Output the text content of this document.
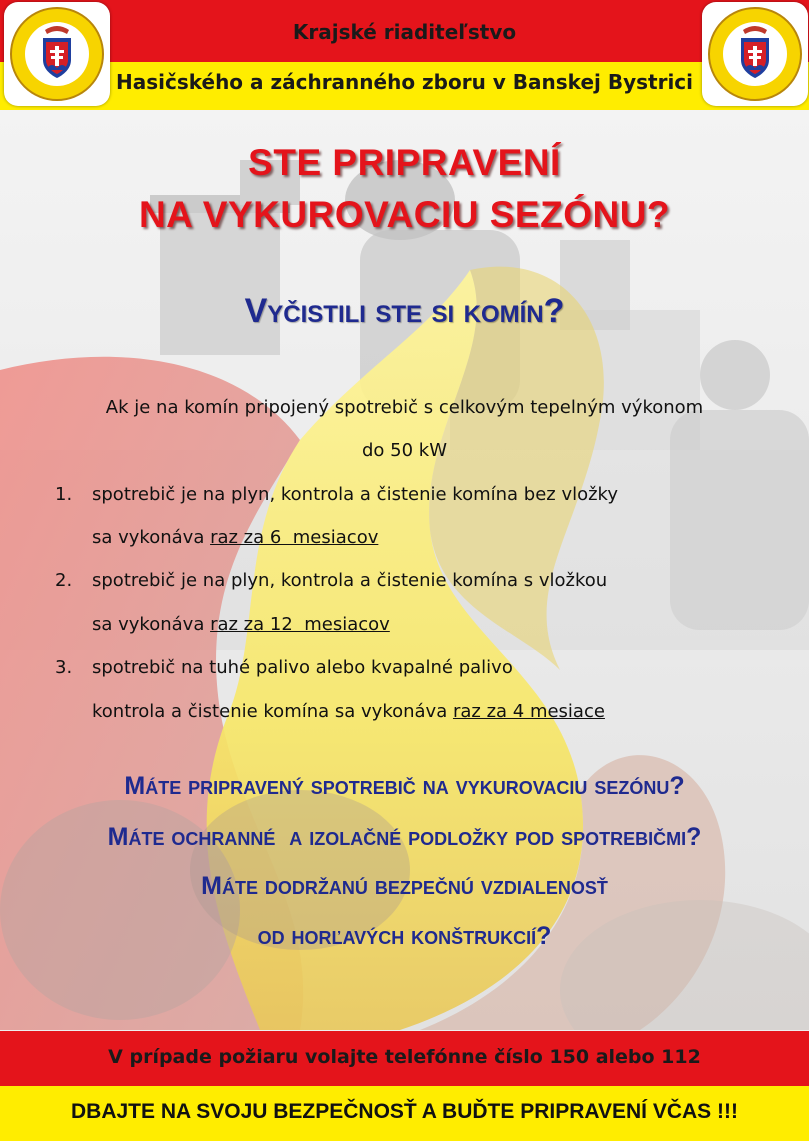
Krajské riaditeľstvo
Hasičského a záchranného zboru v Banskej Bystrici
STE PRIPRAVENÍ
NA VYKUROVACIU SEZÓNU?
Vyčistili ste si komín?
Ak je na komín pripojený spotrebič s celkovým tepelným výkonom
do 50 kW
1. spotrebič je na plyn, kontrola a čistenie komína bez vložky
sa vykonáva raz za 6  mesiacov
2. spotrebič je na plyn, kontrola a čistenie komína s vložkou
sa vykonáva raz za 12  mesiacov
3. spotrebič na tuhé palivo alebo kvapalné palivo
kontrola a čistenie komína sa vykonáva raz za 4 mesiace
Máte pripravený spotrebič na vykurovaciu sezónu?
Máte ochranné  a izolačné podložky pod spotrebičmi?
Máte dodržanú bezpečnú vzdialenosť
od horľavých konštrukcií?
V prípade požiaru volajte telefónne číslo 150 alebo 112
DBAJTE NA SVOJU BEZPEČNOSŤ A BUĎTE PRIPRAVENÍ VČAS !!!
